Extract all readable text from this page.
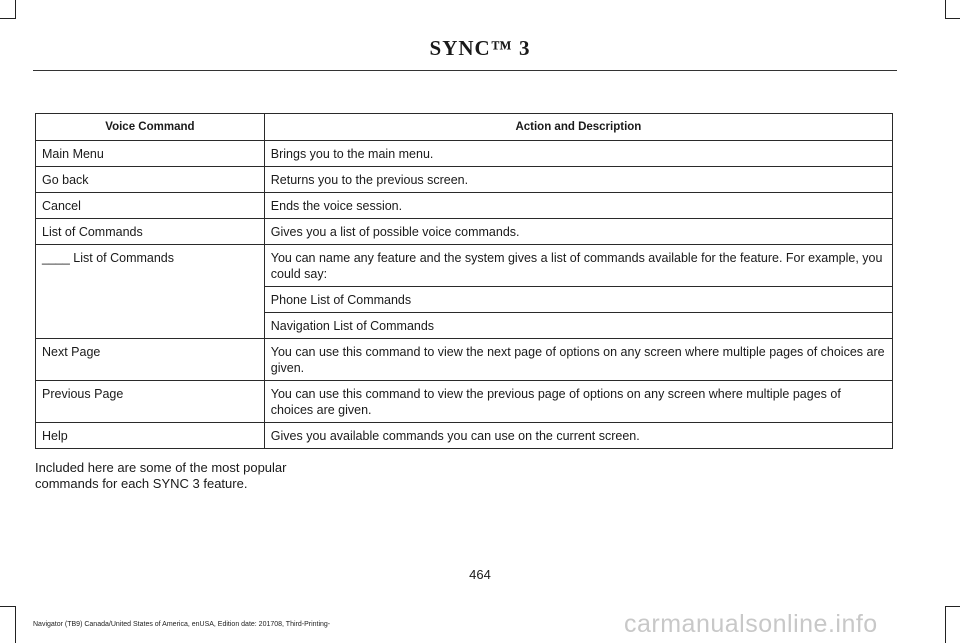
SYNC™ 3
Voice Command	Action and Description
Main Menu	Brings you to the main menu.
Go back	Returns you to the previous screen.
Cancel	Ends the voice session.
List of Commands	Gives you a list of possible voice commands.
____ List of Commands	You can name any feature and the system gives a list of commands available for the feature. For example, you could say:
	Phone List of Commands
	Navigation List of Commands
Next Page	You can use this command to view the next page of options on any screen where multiple pages of choices are given.
Previous Page	You can use this command to view the previous page of options on any screen where multiple pages of choices are given.
Help	Gives you available commands you can use on the current screen.
Included here are some of the most popular commands for each SYNC 3 feature.
464
Navigator (TB9) Canada/United States of America, enUSA, Edition date: 201708, Third-Printing-	carmanualsonline.info
